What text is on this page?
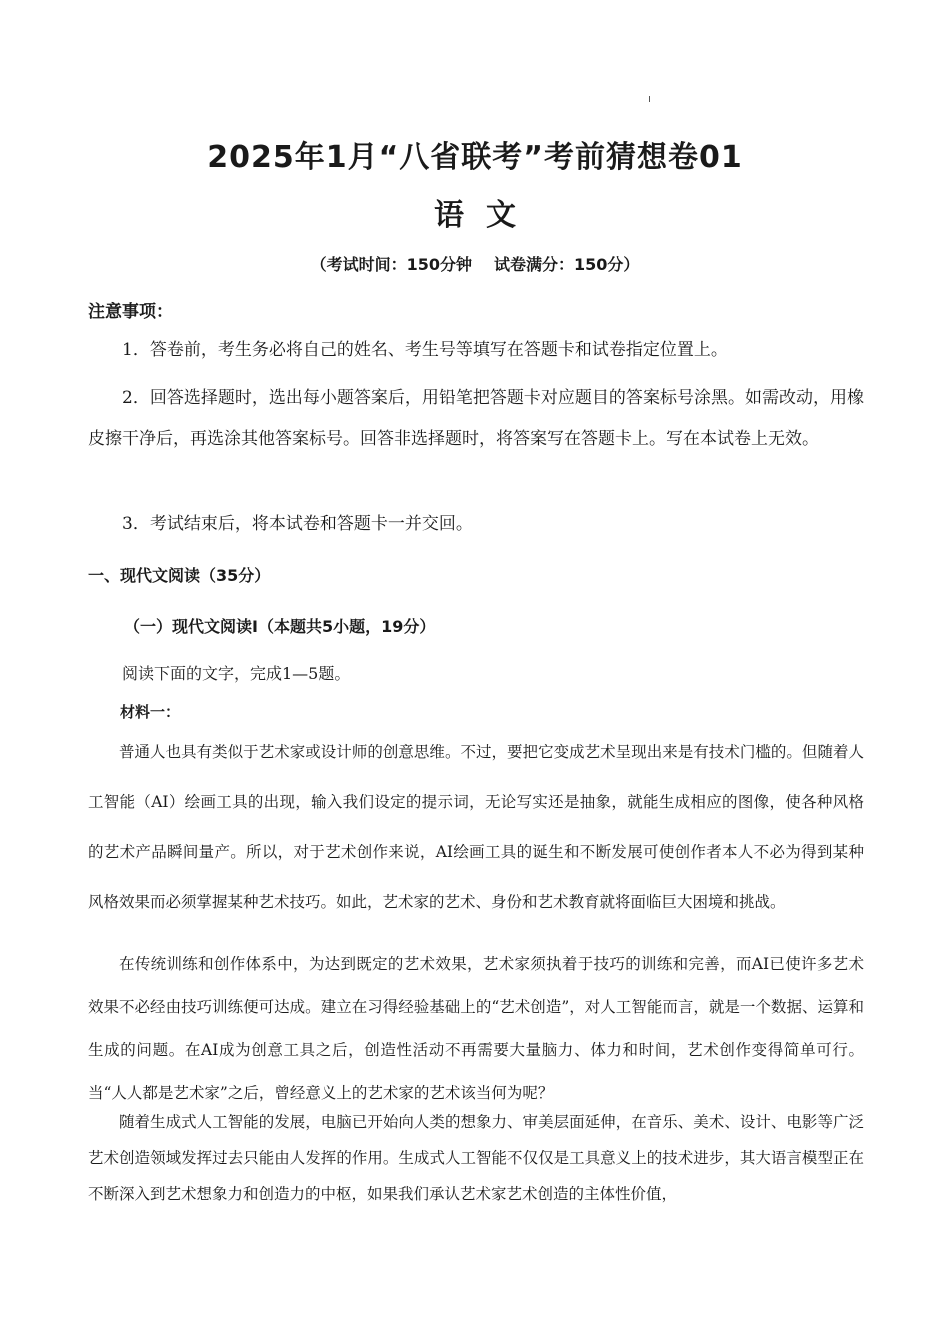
2025年1月“八省联考”考前猜想卷01
语文
（考试时间：150分钟 试卷满分：150分）
注意事项：

1．答卷前，考生务必将自己的姓名、考生号等填写在答题卡和试卷指定位置上。

2．回答选择题时，选出每小题答案后，用铅笔把答题卡对应题目的答案标号涂黑。如需改动，用橡皮擦干净后，再选涂其他答案标号。回答非选择题时，将答案写在答题卡上。写在本试卷上无效。

3．考试结束后，将本试卷和答题卡一并交回。

一、现代文阅读（35分）
（一）现代文阅读Ⅰ（本题共5小题，19分）
阅读下面的文字，完成1—5题。
材料一：

普通人也具有类似于艺术家或设计师的创意思维。不过，要把它变成艺术呈现出来是有技术门槛的。但随着人工智能（AI）绘画工具的出现，输入我们设定的提示词，无论写实还是抽象，就能生成相应的图像，使各种风格的艺术产品瞬间量产。所以，对于艺术创作来说，AI绘画工具的诞生和不断发展可使创作者本人不必为得到某种风格效果而必须掌握某种艺术技巧。如此，艺术家的艺术、身份和艺术教育就将面临巨大困境和挑战。

在传统训练和创作体系中，为达到既定的艺术效果，艺术家须执着于技巧的训练和完善，而AI已使许多艺术效果不必经由技巧训练便可达成。建立在习得经验基础上的“艺术创造”，对人工智能而言，就是一个数据、运算和生成的问题。在AI成为创意工具之后，创造性活动不再需要大量脑力、体力和时间，艺术创作变得简单可行。当“人人都是艺术家”之后，曾经意义上的艺术家的艺术该当何为呢？

随着生成式人工智能的发展，电脑已开始向人类的想象力、审美层面延伸，在音乐、美术、设计、电影等广泛艺术创造领域发挥过去只能由人发挥的作用。生成式人工智能不仅仅是工具意义上的技术进步，其大语言模型正在不断深入到艺术想象力和创造力的中枢，如果我们承认艺术家艺术创造的主体性价值，
